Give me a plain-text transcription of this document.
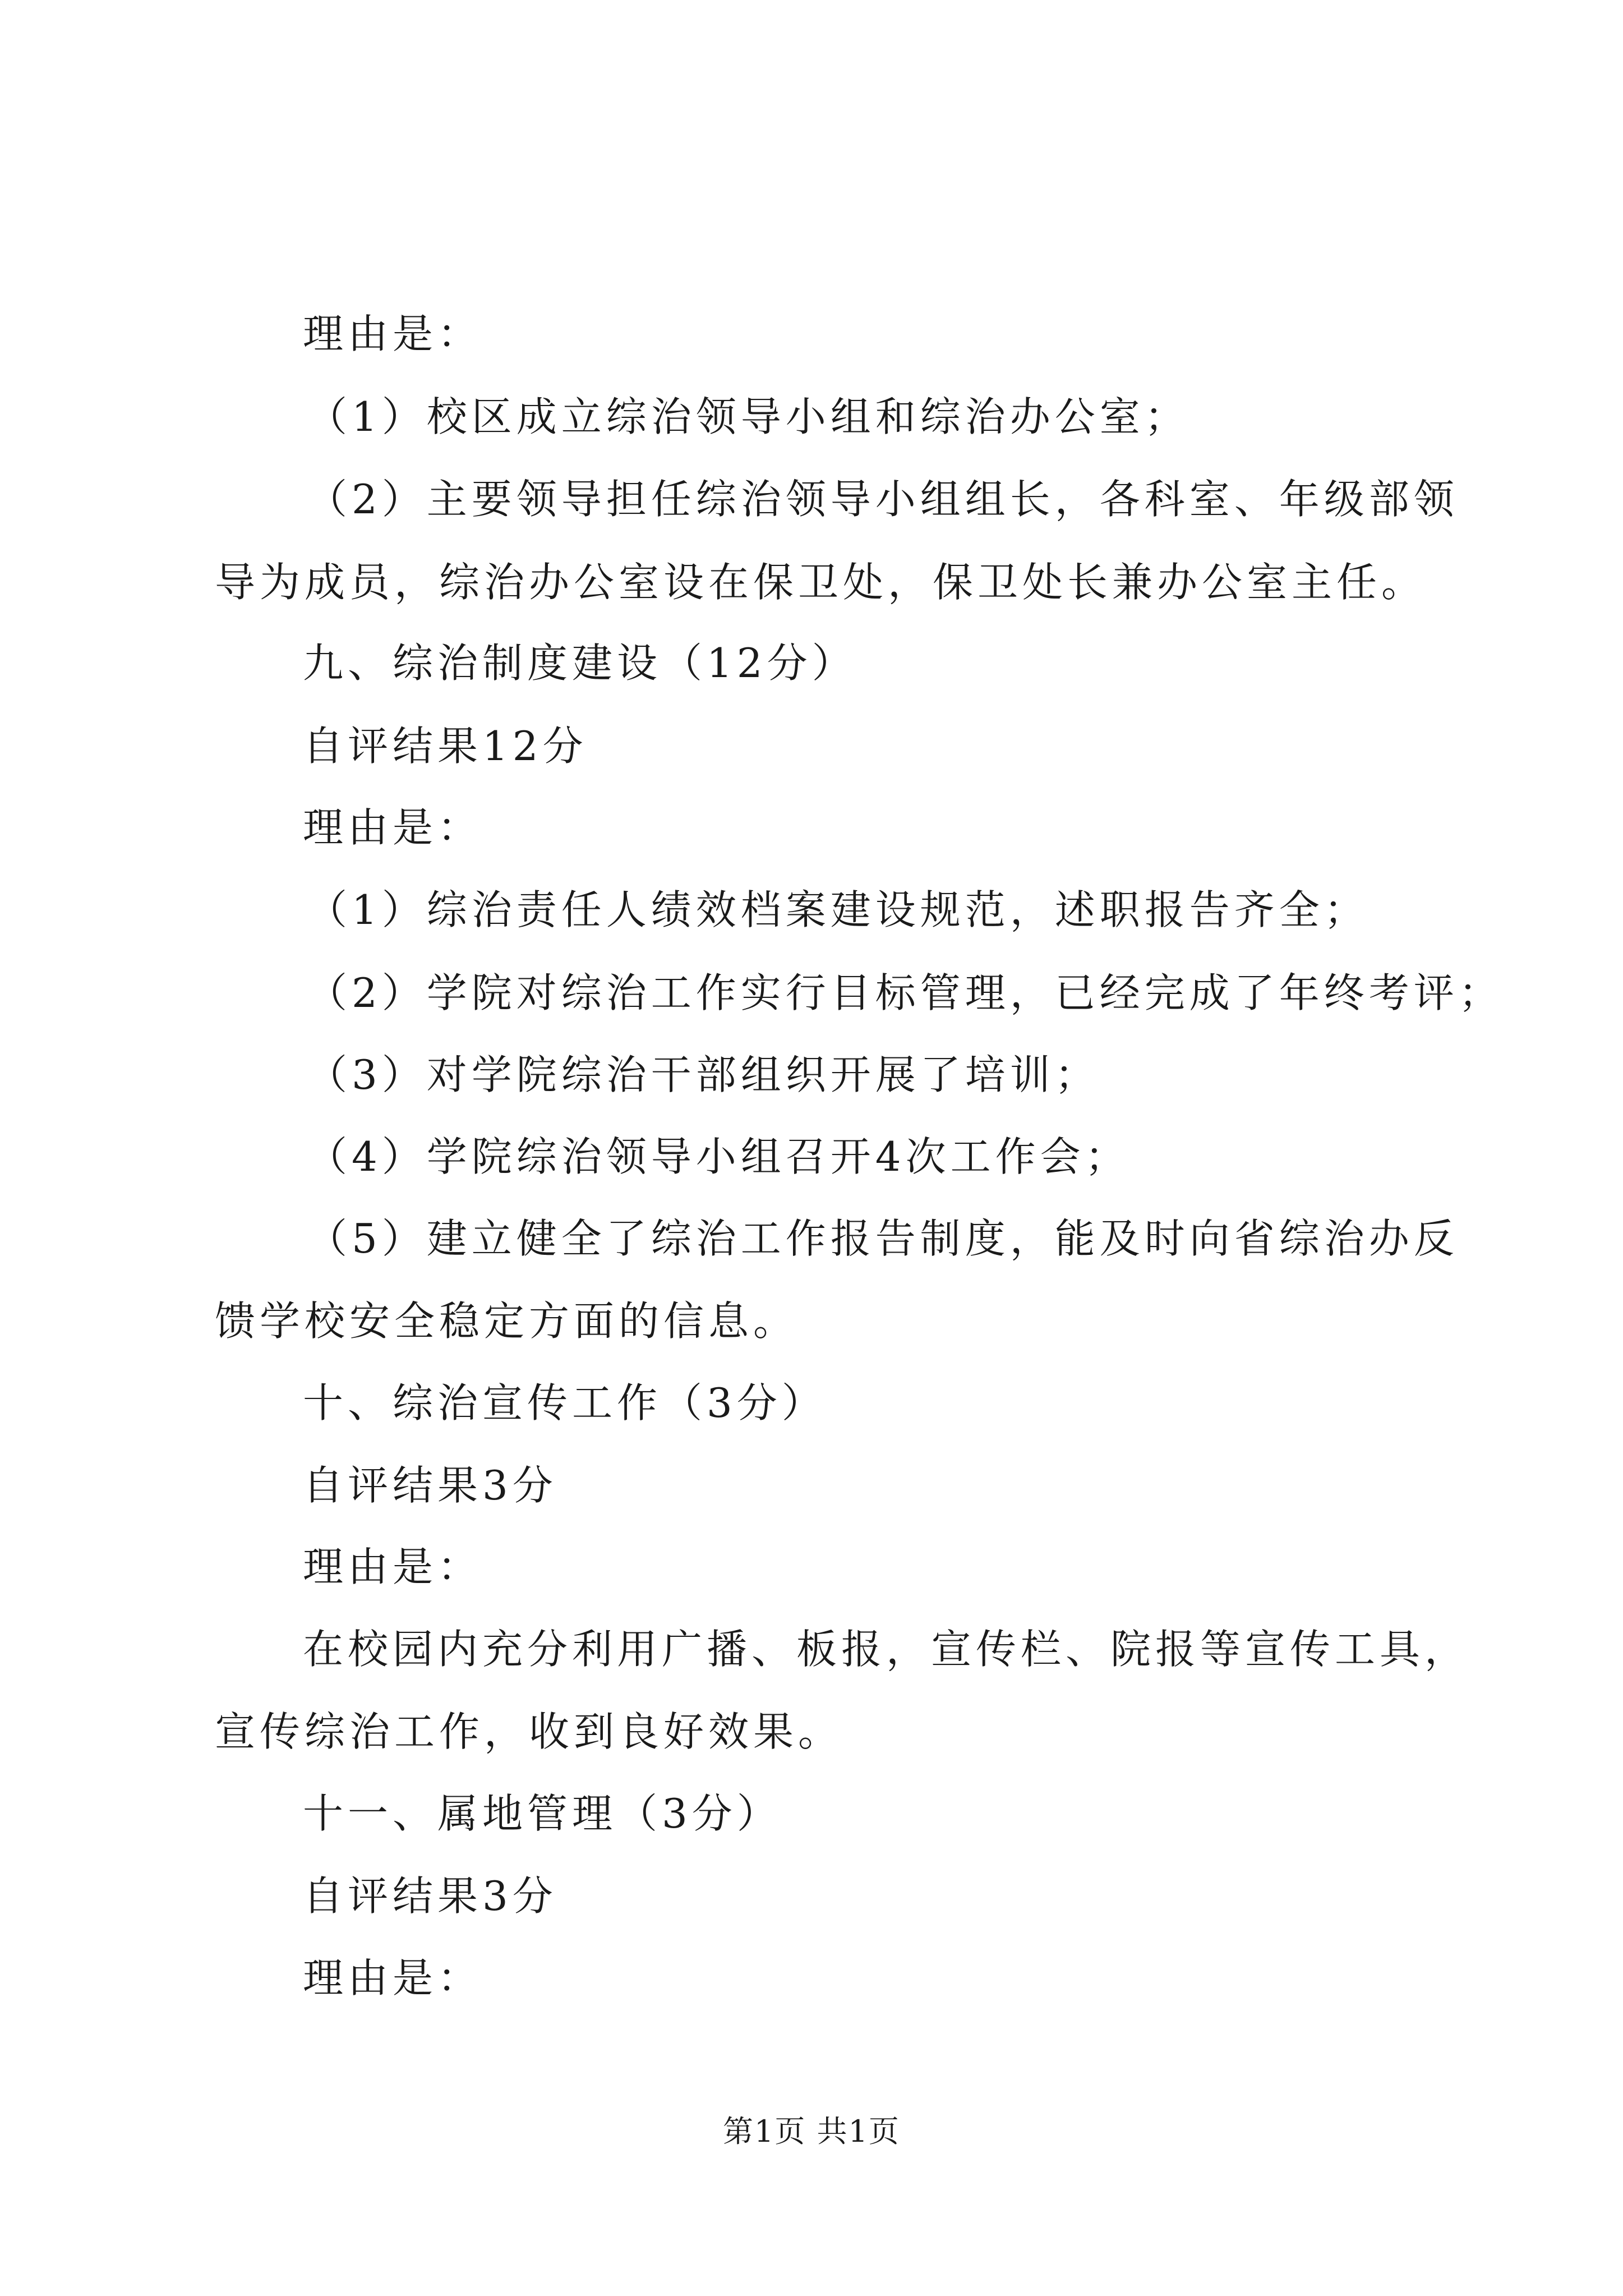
理由是：
（1）校区成立综治领导小组和综治办公室；
（2）主要领导担任综治领导小组组长，各科室、年级部领
导为成员，综治办公室设在保卫处，保卫处长兼办公室主任。
九、综治制度建设（12分）
自评结果12分
理由是：
（1）综治责任人绩效档案建设规范，述职报告齐全；
（2）学院对综治工作实行目标管理，已经完成了年终考评；
（3）对学院综治干部组织开展了培训；
（4）学院综治领导小组召开4次工作会；
（5）建立健全了综治工作报告制度，能及时向省综治办反
馈学校安全稳定方面的信息。
十、综治宣传工作（3分）
自评结果3分
理由是：
在校园内充分利用广播、板报，宣传栏、院报等宣传工具，
宣传综治工作，收到良好效果。
十一、属地管理（3分）
自评结果3分
理由是：
第1页 共1页
